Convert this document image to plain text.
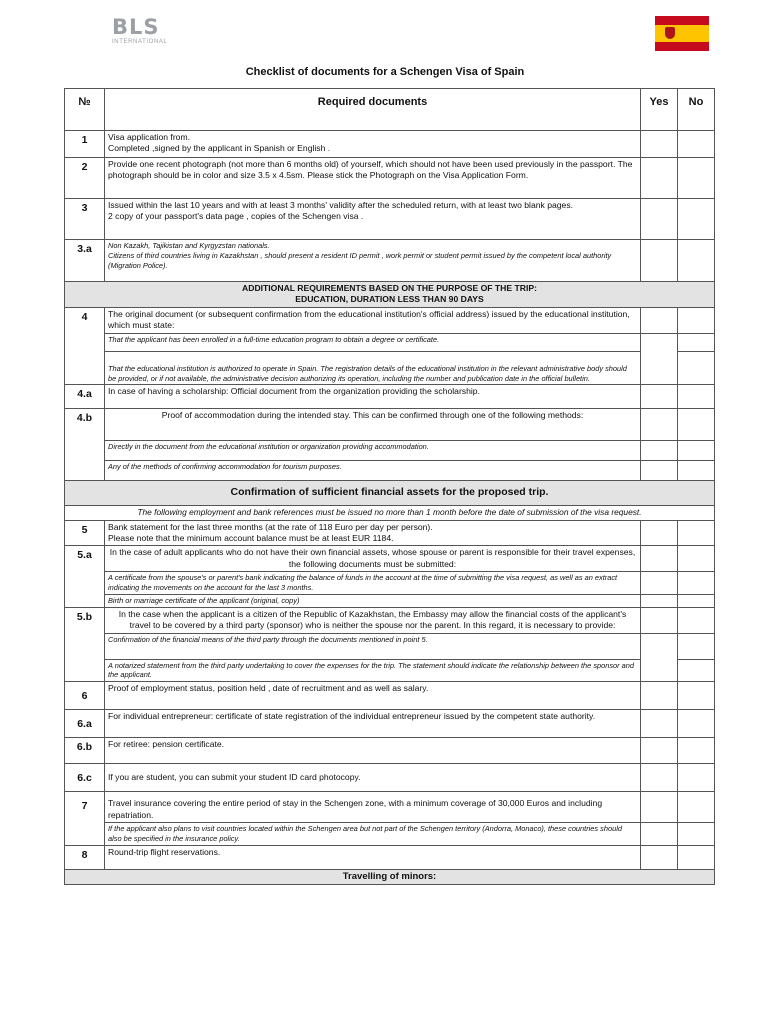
BLS
INTERNATIONAL
Checklist of documents for a Schengen Visa of Spain
№	Required documents	Yes	No
1	Visa application from.
Completed ,signed by the applicant in Spanish or English .		

2	Provide one recent photograph (not more than 6 months old) of yourself, which should not have been used previously in the passport. The photograph should be in color and size 3.5 x 4.5sm. Please stick the Photograph on the Visa Application Form.		
3	Issued within the last 10 years and with at least 3 months' validity after the scheduled return, with at least two blank pages.
2 copy of your passport's data page , copies of the Schengen visa .		

3.a	Non Kazakh, Tajikistan and Kyrgyzstan nationals.
Citizens of third countries living in Kazakhstan , should present a resident ID permit , work permit or student permit issued by the competent local authority (Migration Police).		

ADDITIONAL REQUIREMENTS BASED ON THE PURPOSE OF THE TRIP:
EDUCATION, DURATION LESS THAN 90 DAYS			

4	The original document (or subsequent confirmation from the educational institution's official address) issued by the educational institution, which must state:		
	That the applicant has been enrolled in a full-time education program to obtain a degree or certificate.		
	That the educational institution is authorized to operate in Spain. The registration details of the educational institution in the relevant administrative body should be provided, or if not available, the administrative decision authorizing its operation, including the number and publication date in the official bulletin.		
4.a	In case of having a scholarship: Official document from the organization providing the scholarship.		
4.b	Proof of accommodation during the intended stay. This can be confirmed through one of the following methods:		
	Directly in the document from the educational institution or organization providing accommodation.		
	Any of the methods of confirming accommodation for tourism purposes.		
Confirmation of sufficient financial assets for the proposed trip.			
The following employment and bank references must be issued no more than 1 month before the date of submission of the visa request.			
5	Bank statement for the last three months (at the rate of 118 Euro per day per person).
Please note that the minimum account balance must be at least EUR 1184.		

5.a	In the case of adult applicants who do not have their own financial assets, whose spouse or parent is responsible for their travel expenses, the following documents must be submitted:		
	A certificate from the spouse's or parent's bank indicating the balance of funds in the account at the time of submitting the visa request, as well as an extract indicating the movements on the account for the last 3 months.		
	Birth or marriage certificate of the applicant (original, copy)		
5.b	In the case when the applicant is a citizen of the Republic of Kazakhstan, the Embassy may allow the financial costs of the applicant's travel to be covered by a third party (sponsor) who is neither the spouse nor the parent. In this regard, it is necessary to provide:		
	Confirmation of the financial means of the third party through the documents mentioned in point 5.		
	A notarized statement from the third party undertaking to cover the expenses for the trip. The statement should indicate the relationship between the sponsor and the applicant.		
6	Proof of employment status, position held , date of recruitment and as well as salary.		
6.a	For individual entrepreneur: certificate of state registration of the individual entrepreneur issued by the competent state authority.		
6.b	For retiree: pension certificate.		
6.c	If you are student, you can submit your student ID card photocopy.		
7	Travel insurance covering the entire period of stay in the Schengen zone, with a minimum coverage of 30,000 Euros and including repatriation.		
	If the applicant also plans to visit countries located within the Schengen area but not part of the Schengen territory (Andorra, Monaco), these countries should also be specified in the insurance policy.		
8	Round-trip flight reservations.		
Travelling of minors:			
